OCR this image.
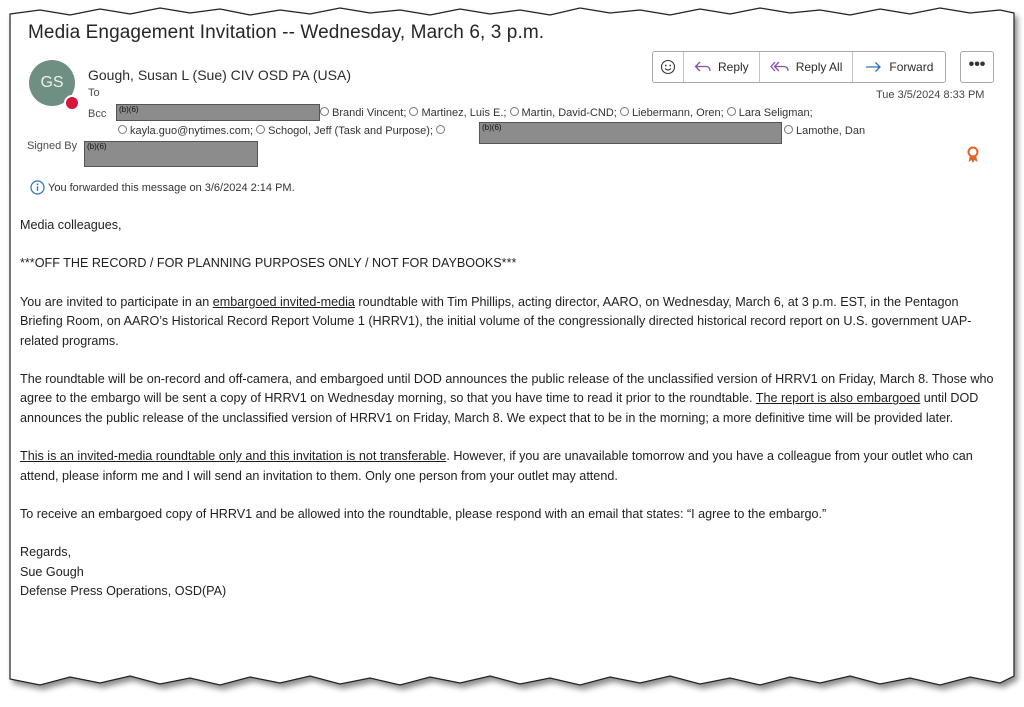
Media Engagement Invitation -- Wednesday, March 6, 3 p.m.
GS	Gough, Susan L (Sue) CIV OSD PA (USA)
To
Bcc (b)(6)	Brandi Vincent; Martinez, Luis E.; Martin, David-CND; Liebermann, Oren; Lara Seligman;
kayla.guo@nytimes.com; Schogol, Jeff (Task and Purpose);	(b)(6)	Lamothe, Dan
Signed By (b)(6)
Reply	Reply All	Forward	•••
Tue 3/5/2024 8:33 PM
You forwarded this message on 3/6/2024 2:14 PM.

Media colleagues,

***OFF THE RECORD / FOR PLANNING PURPOSES ONLY / NOT FOR DAYBOOKS***

You are invited to participate in an embargoed invited-media roundtable with Tim Phillips, acting director, AARO, on Wednesday, March 6, at 3 p.m. EST, in the Pentagon Briefing Room, on AARO’s Historical Record Report Volume 1 (HRRV1), the initial volume of the congressionally directed historical record report on U.S. government UAP-related programs.

The roundtable will be on-record and off-camera, and embargoed until DOD announces the public release of the unclassified version of HRRV1 on Friday, March 8. Those who agree to the embargo will be sent a copy of HRRV1 on Wednesday morning, so that you have time to read it prior to the roundtable. The report is also embargoed until DOD announces the public release of the unclassified version of HRRV1 on Friday, March 8. We expect that to be in the morning; a more definitive time will be provided later.

This is an invited-media roundtable only and this invitation is not transferable. However, if you are unavailable tomorrow and you have a colleague from your outlet who can attend, please inform me and I will send an invitation to them. Only one person from your outlet may attend.

To receive an embargoed copy of HRRV1 and be allowed into the roundtable, please respond with an email that states: “I agree to the embargo.”

Regards,

Sue Gough

Defense Press Operations, OSD(PA)
